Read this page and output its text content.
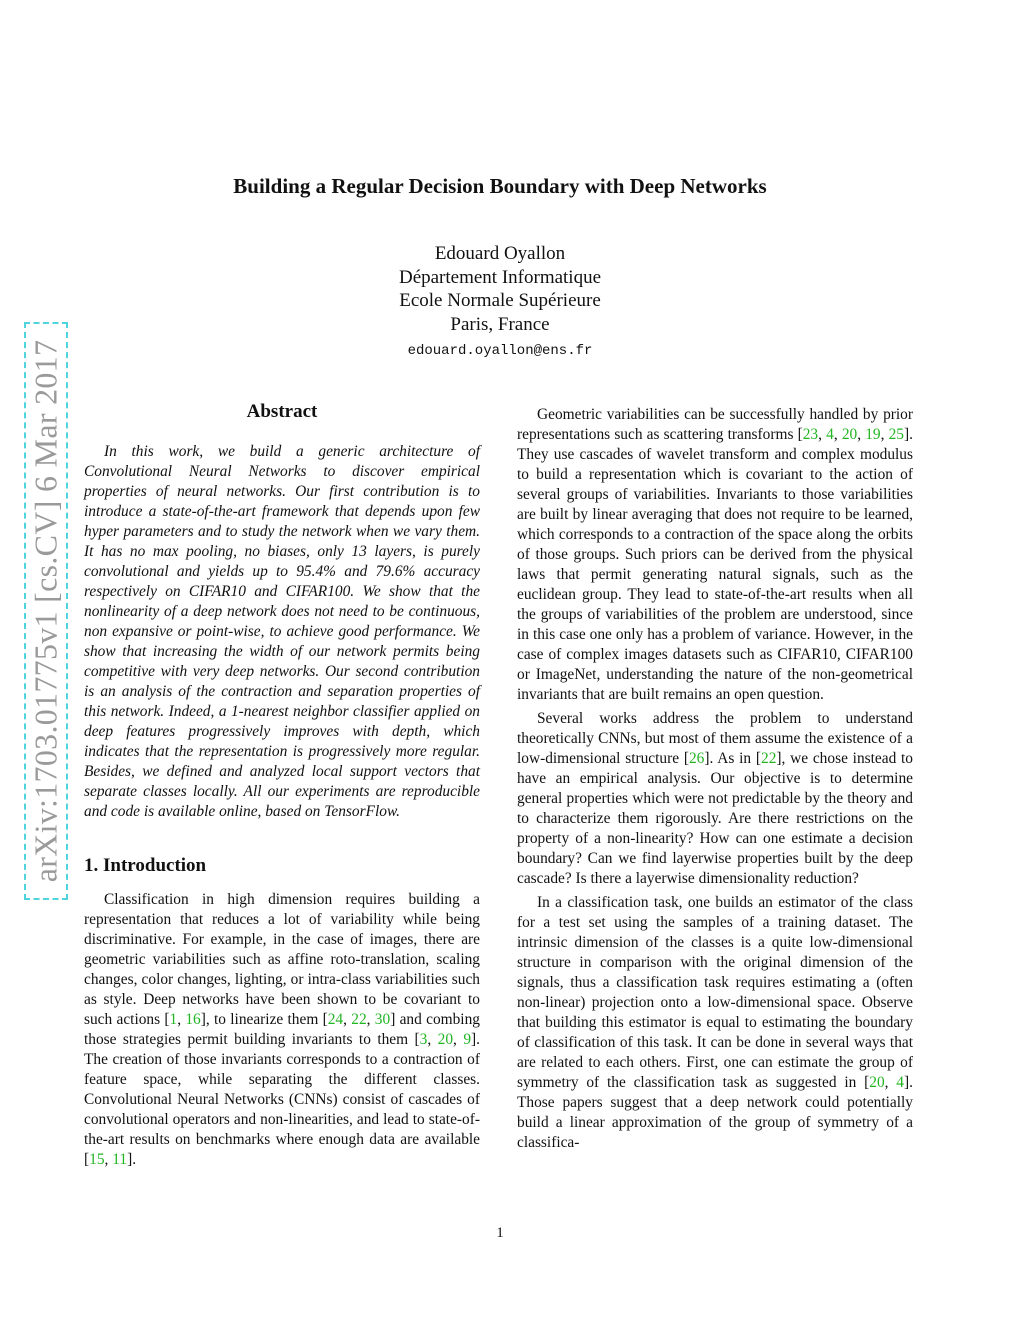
arXiv:1703.01775v1 [cs.CV] 6 Mar 2017
Building a Regular Decision Boundary with Deep Networks
Edouard Oyallon
Département Informatique
Ecole Normale Supérieure
Paris, France
edouard.oyallon@ens.fr
Abstract

In this work, we build a generic architecture of Convolutional Neural Networks to discover empirical properties of neural networks. Our first contribution is to introduce a state-of-the-art framework that depends upon few hyper parameters and to study the network when we vary them. It has no max pooling, no biases, only 13 layers, is purely convolutional and yields up to 95.4% and 79.6% accuracy respectively on CIFAR10 and CIFAR100. We show that the nonlinearity of a deep network does not need to be continuous, non expansive or point-wise, to achieve good performance. We show that increasing the width of our network permits being competitive with very deep networks. Our second contribution is an analysis of the contraction and separation properties of this network. Indeed, a 1-nearest neighbor classifier applied on deep features progressively improves with depth, which indicates that the representation is progressively more regular. Besides, we defined and analyzed local support vectors that separate classes locally. All our experiments are reproducible and code is available online, based on TensorFlow.

1. Introduction

Classification in high dimension requires building a representation that reduces a lot of variability while being discriminative. For example, in the case of images, there are geometric variabilities such as affine roto-translation, scaling changes, color changes, lighting, or intra-class variabilities such as style. Deep networks have been shown to be covariant to such actions [1, 16], to linearize them [24, 22, 30] and combing those strategies permit building invariants to them [3, 20, 9]. The creation of those invariants corresponds to a contraction of feature space, while separating the different classes. Convolutional Neural Networks (CNNs) consist of cascades of convolutional operators and non-linearities, and lead to state-of-the-art results on benchmarks where enough data are available [15, 11].

Geometric variabilities can be successfully handled by prior representations such as scattering transforms [23, 4, 20, 19, 25]. They use cascades of wavelet transform and complex modulus to build a representation which is covariant to the action of several groups of variabilities. Invariants to those variabilities are built by linear averaging that does not require to be learned, which corresponds to a contraction of the space along the orbits of those groups. Such priors can be derived from the physical laws that permit generating natural signals, such as the euclidean group. They lead to state-of-the-art results when all the groups of variabilities of the problem are understood, since in this case one only has a problem of variance. However, in the case of complex images datasets such as CIFAR10, CIFAR100 or ImageNet, understanding the nature of the non-geometrical invariants that are built remains an open question.

Several works address the problem to understand theoretically CNNs, but most of them assume the existence of a low-dimensional structure [26]. As in [22], we chose instead to have an empirical analysis. Our objective is to determine general properties which were not predictable by the theory and to characterize them rigorously. Are there restrictions on the property of a non-linearity? How can one estimate a decision boundary? Can we find layerwise properties built by the deep cascade? Is there a layerwise dimensionality reduction?

In a classification task, one builds an estimator of the class for a test set using the samples of a training dataset. The intrinsic dimension of the classes is a quite low-dimensional structure in comparison with the original dimension of the signals, thus a classification task requires estimating a (often non-linear) projection onto a low-dimensional space. Observe that building this estimator is equal to estimating the boundary of classification of this task. It can be done in several ways that are related to each others. First, one can estimate the group of symmetry of the classification task as suggested in [20, 4]. Those papers suggest that a deep network could potentially build a linear approximation of the group of symmetry of a classifica-

1
